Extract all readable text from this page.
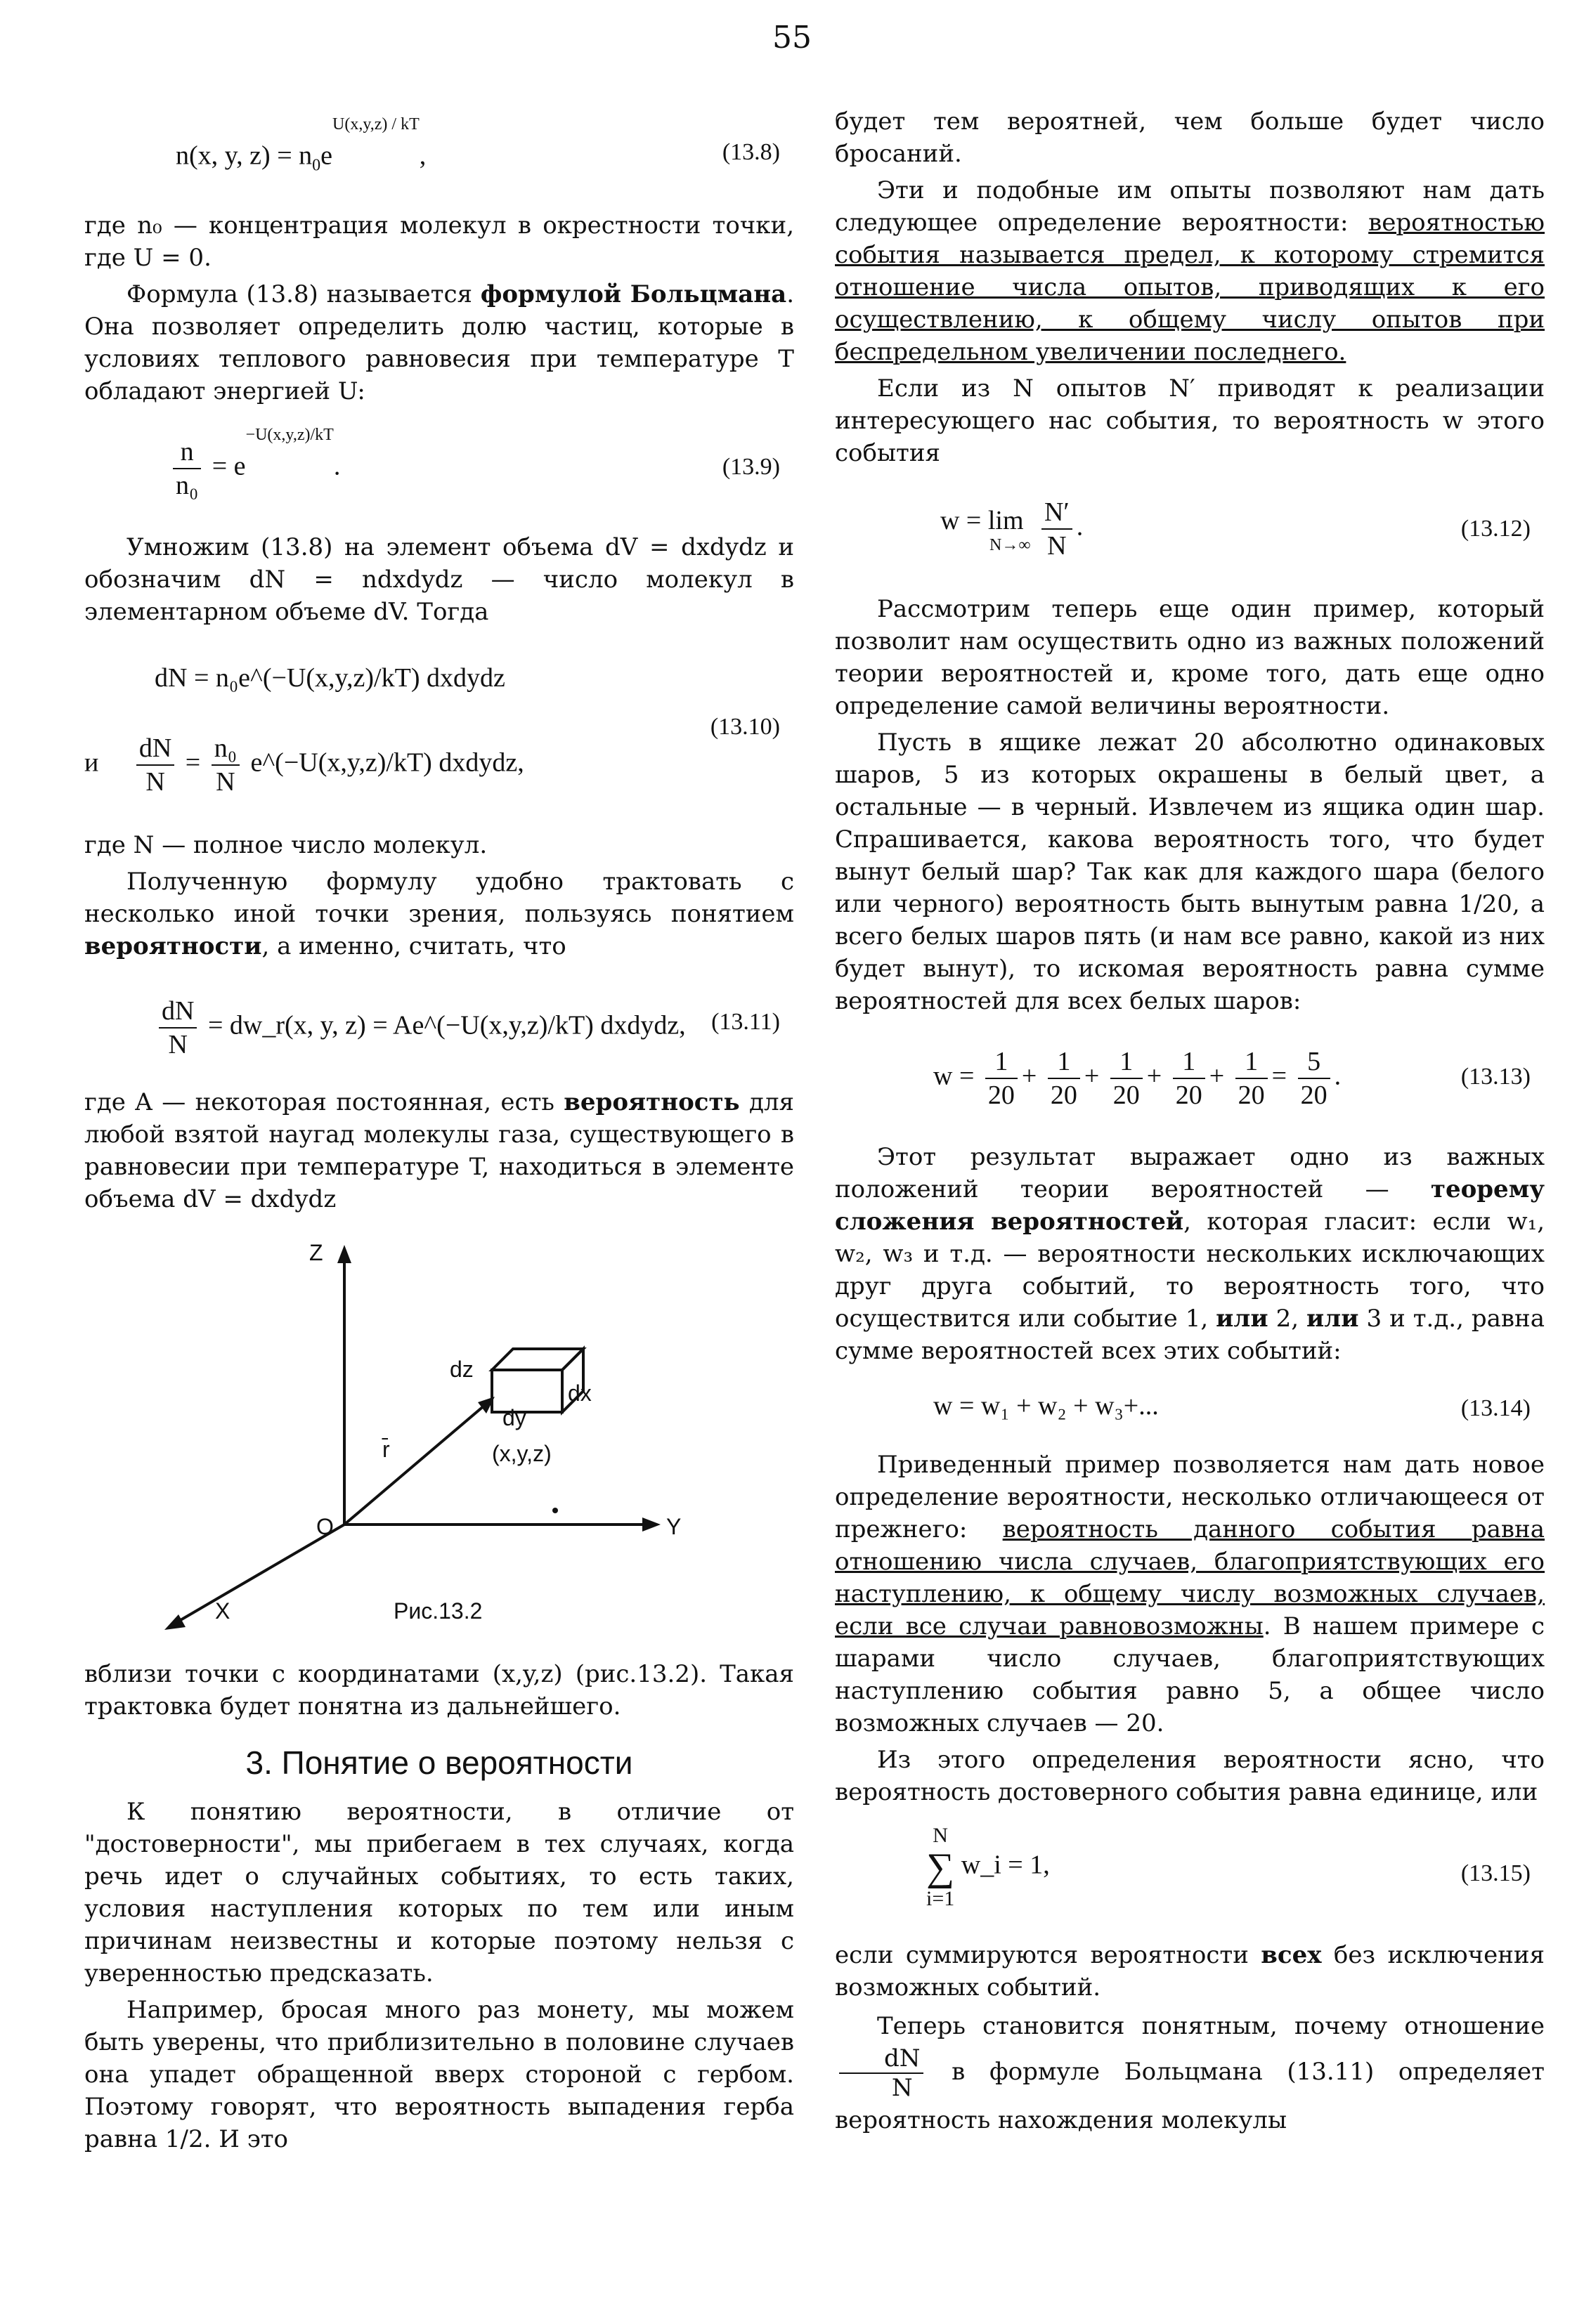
55
n(x, y, $z) = n_0e^{U(x,y,z) / kT}$,	(13.8)

где n₀ — концентрация молекул в окрестности точки, где U = 0.

Формула (13.8) называется формулой Больцмана. Она позволяет определить долю частиц, которые в условиях теплового равновесия при температуре T обладают энергией U:

$\frac{n}{\text{n₀}} = e^{-U(x,y,z)/kT}$.	(13.9)

Умножим (13.8) на элемент объема dV = dxdydz и обозначим dN = ndxdydz — число молекул в элементарном объеме dV. Тогда

dN = n₀e^(−U(x,y,z)/kT) dxdydz
(13.10)
и $\frac{dN}{N} = \frac{\text{n₀}}{N}$ e^(−U(x,y,z)/kT) dxdydz,

где N — полное число молекул.

Полученную формулу удобно трактовать с несколько иной точки зрения, пользуясь понятием вероятности, а именно, считать, что

$\frac{dN}{N}$ = dw_r(x, y, z) = Ae^(−U(x,y,z)/kT) dxdydz, (13.11)

где A — некоторая постоянная, есть вероятность для любой взятой наугад молекулы газа, существующего в равновесии при температуре T, находиться в элементе объема dV = dxdydz

Z
Y
X
O
r̄
dz
dy
dx
(x,y,z)
Рис.13.2

вблизи точки с координатами (x,y,z) (рис.13.2). Такая трактовка будет понятна из дальнейшего.

3. Понятие о вероятности

К понятию вероятности, в отличие от "достоверности", мы прибегаем в тех случаях, когда речь идет о случайных событиях, то есть таких, условия наступления которых по тем или иным причинам неизвестны и которые поэтому нельзя с уверенностью предсказать.

Например, бросая много раз монету, мы можем быть уверены, что приблизительно в половине случаев она упадет обращенной вверх стороной с гербом. Поэтому говорят, что вероятность выпадения герба равна 1/2. И это

будет тем вероятней, чем больше будет число бросаний.

Эти и подобные им опыты позволяют нам дать следующее определение вероятности: вероятностью события называется предел, к которому стремится отношение числа опытов, приводящих к его осуществлению, к общему числу опытов при беспредельном увеличении последнего.

Если из N опытов N′ приводят к реализации интересующего нас события, то вероятность w этого события

w = lim
N→∞
$\frac{N'}{N}$ .	(13.12)

Рассмотрим теперь еще один пример, который позволит нам осуществить одно из важных положений теории вероятностей и, кроме того, дать еще одно определение самой величины вероятности.

Пусть в ящике лежат 20 абсолютно одинаковых шаров, 5 из которых окрашены в белый цвет, а остальные — в черный. Извлечем из ящика один шар. Спрашивается, какова вероятность того, что будет вынут белый шар? Так как для каждого шара (белого или черного) вероятность быть вынутым равна 1/20, а всего белых шаров пять (и нам все равно, какой из них будет вынут), то искомая вероятность равна сумме вероятностей для всех белых шаров:

$w = \frac{1}{20} + \frac{1}{20} + \frac{1}{20} + \frac{1}{20} + \frac{1}{20} = \frac{5}{20}$ .	(13.13)

Этот результат выражает одно из важных положений теории вероятностей — теорему сложения вероятностей, которая гласит: если w₁, w₂, w₃ и т.д. — вероятности нескольких исключающих друг друга событий, то вероятность того, что осуществится или событие 1, или 2, или 3 и т.д., равна сумме вероятностей всех этих событий:

w = w₁ + w₂ + w₃+...	(13.14)

Приведенный пример позволяется нам дать новое определение вероятности, несколько отличающееся от прежнего: вероятность данного события равна отношению числа случаев, благоприятствующих его наступлению, к общему числу возможных случаев, если все случаи равновозможны. В нашем примере с шарами число случаев, благоприятствующих наступлению события равно 5, а общее число возможных случаев — 20.

Из этого определения вероятности ясно, что вероятность достоверного события равна единице, или

N
∑
i=1 w_i = 1,	(13.15)

если суммируются вероятности всех без исключения возможных событий.

Теперь становится понятным, почему отношение
$\frac{dN}{N}$ в формуле Больцмана (13.11) определяет вероятность нахождения молекулы
